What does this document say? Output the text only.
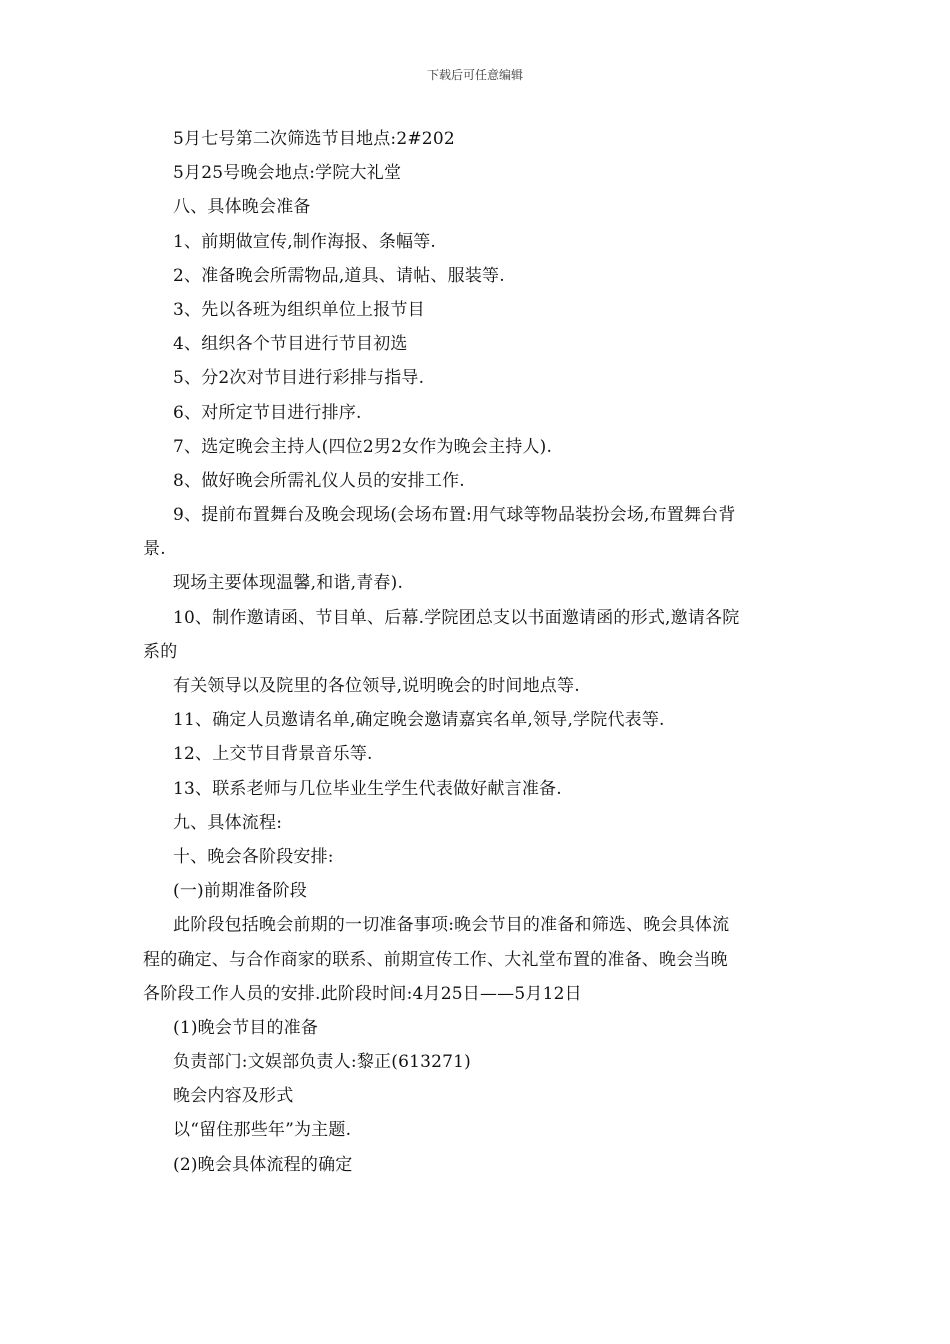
下载后可任意编辑
5月七号第二次筛选节目地点:2#202
5月25号晚会地点:学院大礼堂
八、具体晚会准备
1、前期做宣传,制作海报、条幅等.
2、准备晚会所需物品,道具、请帖、服装等.
3、先以各班为组织单位上报节目
4、组织各个节目进行节目初选
5、分2次对节目进行彩排与指导.
6、对所定节目进行排序.
7、选定晚会主持人(四位2男2女作为晚会主持人).
8、做好晚会所需礼仪人员的安排工作.
9、提前布置舞台及晚会现场(会场布置:用气球等物品装扮会场,布置舞台背
景.
现场主要体现温馨,和谐,青春).
10、制作邀请函、节目单、后幕.学院团总支以书面邀请函的形式,邀请各院
系的
有关领导以及院里的各位领导,说明晚会的时间地点等.
11、确定人员邀请名单,确定晚会邀请嘉宾名单,领导,学院代表等.
12、上交节目背景音乐等.
13、联系老师与几位毕业生学生代表做好献言准备.
九、具体流程:
十、晚会各阶段安排:
(一)前期准备阶段
此阶段包括晚会前期的一切准备事项:晚会节目的准备和筛选、晚会具体流
程的确定、与合作商家的联系、前期宣传工作、大礼堂布置的准备、晚会当晚
各阶段工作人员的安排.此阶段时间:4月25日——5月12日
(1)晚会节目的准备
负责部门:文娱部负责人:黎正(613271)
晚会内容及形式
以“留住那些年”为主题.
(2)晚会具体流程的确定
